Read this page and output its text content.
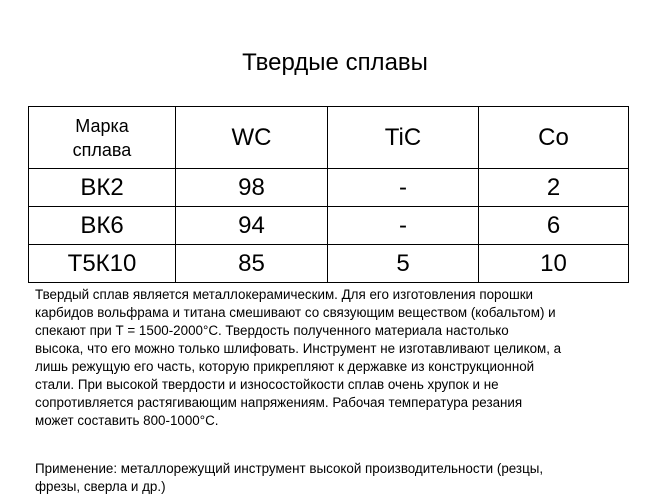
Твердые сплавы
Марка
сплава	WC	TiC	Co
ВК2	98	-	2
ВК6	94	-	6
Т5К10	85	5	10

Твердый сплав является металлокерамическим. Для его изготовления порошки
карбидов вольфрама и титана смешивают со связующим веществом (кобальтом) и
спекают при Т = 1500-2000°С. Твердость полученного материала настолько
высока, что его можно только шлифовать. Инструмент не изготавливают целиком, а
лишь режущую его часть, которую прикрепляют к державке из конструкционной
стали. При высокой твердости и износостойкости сплав очень хрупок и не
сопротивляется растягивающим напряжениям. Рабочая температура резания
может составить 800-1000°С.

Применение: металлорежущий инструмент высокой производительности (резцы,
фрезы, сверла и др.)
